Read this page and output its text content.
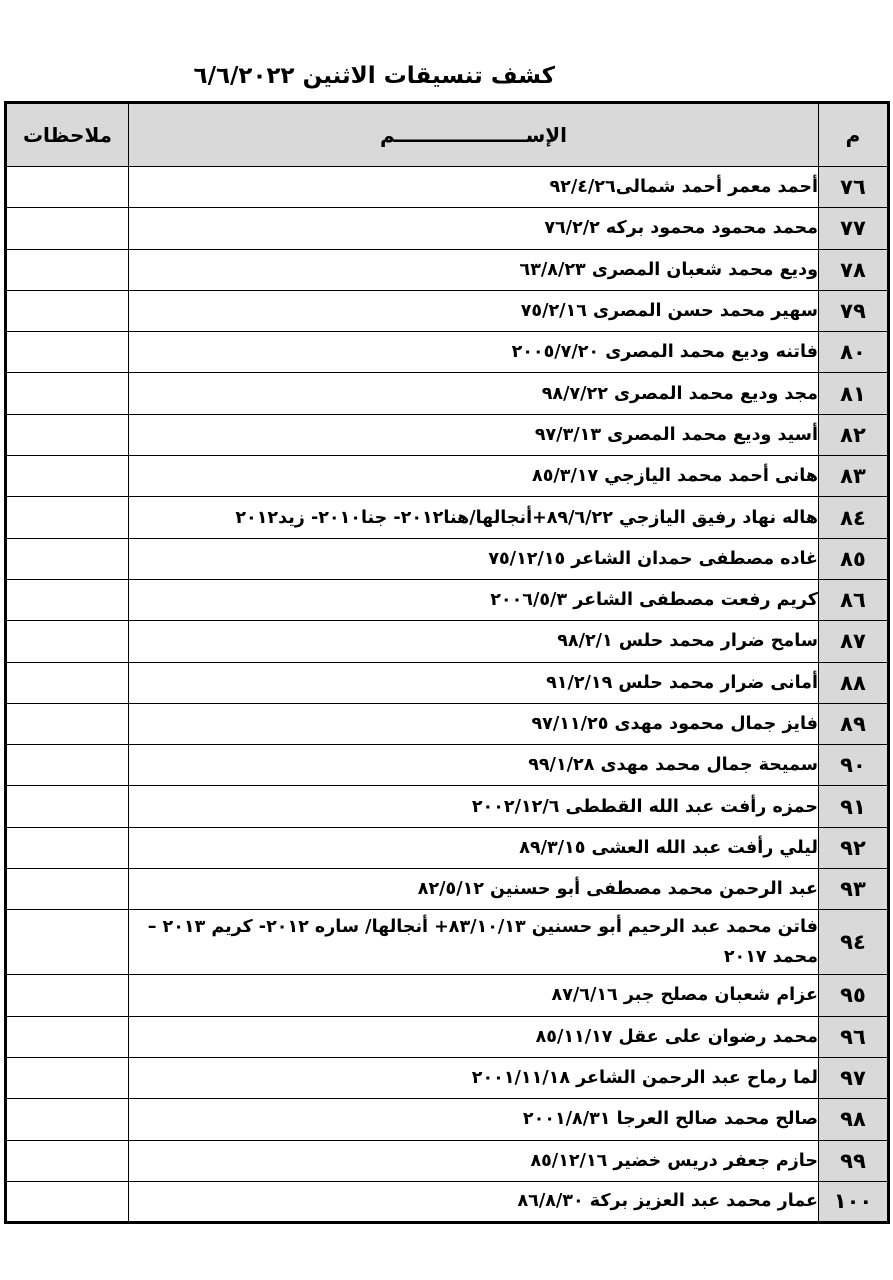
كشف تنسيقات الاثنين ٦/٦/٢٠٢٢
م	الإســـــــــــــــــــم	ملاحظات
٧٦	أحمد معمر أحمد شمالى٩٢/٤/٢٦	
٧٧	محمد محمود محمود بركه ٧٦/٢/٢	
٧٨	وديع محمد شعبان المصرى ٦٣/٨/٢٣	
٧٩	سهير محمد حسن المصرى ٧٥/٢/١٦	
٨٠	فاتنه وديع محمد المصرى ٢٠٠٥/٧/٢٠	
٨١	مجد وديع محمد المصرى ٩٨/٧/٢٢	
٨٢	أسيد وديع محمد المصرى ٩٧/٣/١٣	
٨٣	هانى أحمد محمد اليازجي ٨٥/٣/١٧	
٨٤	هاله نهاد رفيق اليازجي ٨٩/٦/٢٢+أنجالها/هنا٢٠١٢- جنا٢٠١٠- زيد٢٠١٢	
٨٥	غاده مصطفى حمدان الشاعر ٧٥/١٢/١٥	
٨٦	كريم رفعت مصطفى الشاعر ٢٠٠٦/٥/٣	
٨٧	سامح ضرار محمد حلس ٩٨/٢/١	
٨٨	أمانى ضرار محمد حلس ٩١/٢/١٩	
٨٩	فايز جمال محمود مهدى ٩٧/١١/٢٥	
٩٠	سميحة جمال محمد مهدى ٩٩/١/٢٨	
٩١	حمزه رأفت عبد الله القططى ٢٠٠٢/١٢/٦	
٩٢	ليلي رأفت عبد الله العشى ٨٩/٣/١٥	
٩٣	عبد الرحمن محمد مصطفى أبو حسنين ٨٢/٥/١٢	
٩٤	فاتن محمد عبد الرحيم أبو حسنين ٨٣/١٠/١٣+ أنجالها/ ساره ٢٠١٢- كريم ٢٠١٣ – محمد ٢٠١٧	
٩٥	عزام شعبان مصلح جبر ٨٧/٦/١٦	
٩٦	محمد رضوان على عقل ٨٥/١١/١٧	
٩٧	لما رماح عبد الرحمن الشاعر ٢٠٠١/١١/١٨	
٩٨	صالح محمد صالح العرجا ٢٠٠١/٨/٣١	
٩٩	حازم جعفر دريس خضير ٨٥/١٢/١٦	
١٠٠	عمار محمد عبد العزيز بركة ٨٦/٨/٣٠	
